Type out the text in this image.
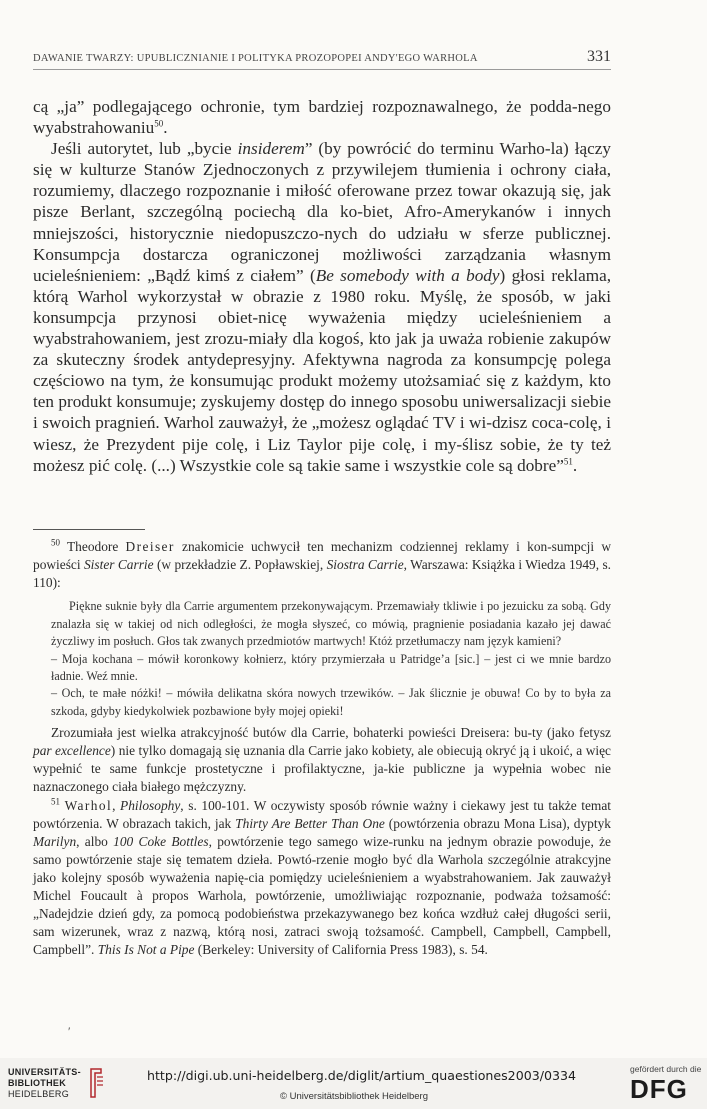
DAWANIE TWARZY: UPUBLICZNIANIE I POLITYKA PROZOPOPEI ANDY'EGO WARHOLA	331

cą „ja” podlegającego ochronie, tym bardziej rozpoznawalnego, że podda-nego wyabstrahowaniu$^{50}$.

Jeśli autorytet, lub „bycie insiderem” (by powrócić do terminu Warho-la) łączy się w kulturze Stanów Zjednoczonych z przywilejem tłumienia i ochrony ciała, rozumiemy, dlaczego rozpoznanie i miłość oferowane przez towar okazują się, jak pisze Berlant, szczególną pociechą dla ko-biet, Afro-Amerykanów i innych mniejszości, historycznie niedopuszczo-nych do udziału w sferze publicznej. Konsumpcja dostarcza ograniczonej możliwości zarządzania własnym ucieleśnieniem: „Bądź kimś z ciałem” (Be somebody with a body) głosi reklama, którą Warhol wykorzystał w obrazie z 1980 roku. Myślę, że sposób, w jaki konsumpcja przynosi obiet-nicę wyważenia między ucieleśnieniem a wyabstrahowaniem, jest zrozu-miały dla kogoś, kto jak ja uważa robienie zakupów za skuteczny środek antydepresyjny. Afektywna nagroda za konsumpcję polega częściowo na tym, że konsumując produkt możemy utożsamiać się z każdym, kto ten produkt konsumuje; zyskujemy dostęp do innego sposobu uniwersalizacji siebie i swoich pragnień. Warhol zauważył, że „możesz oglądać TV i wi-dzisz coca-colę, i wiesz, że Prezydent pije colę, i Liz Taylor pije colę, i my-ślisz sobie, że ty też możesz pić colę. (...) Wszystkie cole są takie same i wszystkie cole są dobre”$^{51}$.

$^{50}$ Theodore Dreiser znakomicie uchwycił ten mechanizm codziennej reklamy i kon-sumpcji w powieści Sister Carrie (w przekładzie Z. Popławskiej, Siostra Carrie, Warszawa: Książka i Wiedza 1949, s. 110):

Piękne suknie były dla Carrie argumentem przekonywającym. Przemawiały tkliwie i po jezuicku za sobą. Gdy znalazła się w takiej od nich odległości, że mogła słyszeć, co mówią, pragnienie posiadania kazało jej dawać życzliwy im posłuch. Głos tak zwanych przedmiotów martwych! Któż przetłumaczy nam język kamieni?

– Moja kochana – mówił koronkowy kołnierz, który przymierzała u Patridge’a [sic.] – jest ci we mnie bardzo ładnie. Weź mnie.

– Och, te małe nóżki! – mówiła delikatna skóra nowych trzewików. – Jak ślicznie je obuwa! Co by to była za szkoda, gdyby kiedykolwiek pozbawione były mojej opieki!

Zrozumiała jest wielka atrakcyjność butów dla Carrie, bohaterki powieści Dreisera: bu-ty (jako fetysz par excellence) nie tylko domagają się uznania dla Carrie jako kobiety, ale obiecują okryć ją i ukoić, a więc wypełnić te same funkcje prostetyczne i profilaktyczne, ja-kie publiczne ja wypełnia wobec nie naznaczonego ciała białego mężczyzny.

$^{51}$ Warhol, Philosophy, s. 100-101. W oczywisty sposób równie ważny i ciekawy jest tu także temat powtórzenia. W obrazach takich, jak Thirty Are Better Than One (powtórzenia obrazu Mona Lisa), dyptyk Marilyn, albo 100 Coke Bottles, powtórzenie tego samego wize-runku na jednym obrazie powoduje, że samo powtórzenie staje się tematem dzieła. Powtó-rzenie mogło być dla Warhola szczególnie atrakcyjne jako kolejny sposób wyważenia napię-cia pomiędzy ucieleśnieniem a wyabstrahowaniem. Jak zauważył Michel Foucault à propos Warhola, powtórzenie, umożliwiając rozpoznanie, podważa tożsamość: „Nadejdzie dzień gdy, za pomocą podobieństwa przekazywanego bez końca wzdłuż całej długości serii, sam wizerunek, wraz z nazwą, którą nosi, zatraci swoją tożsamość. Campbell, Campbell, Campbell, Campbell”. This Is Not a Pipe (Berkeley: University of California Press 1983), s. 54.

′
UNIVERSITÄTS-
BIBLIOTHEK
HEIDELBERG
http://digi.ub.uni-heidelberg.de/diglit/artium_quaestiones2003/0334
© Universitätsbibliothek Heidelberg
gefördert durch die
DFG
